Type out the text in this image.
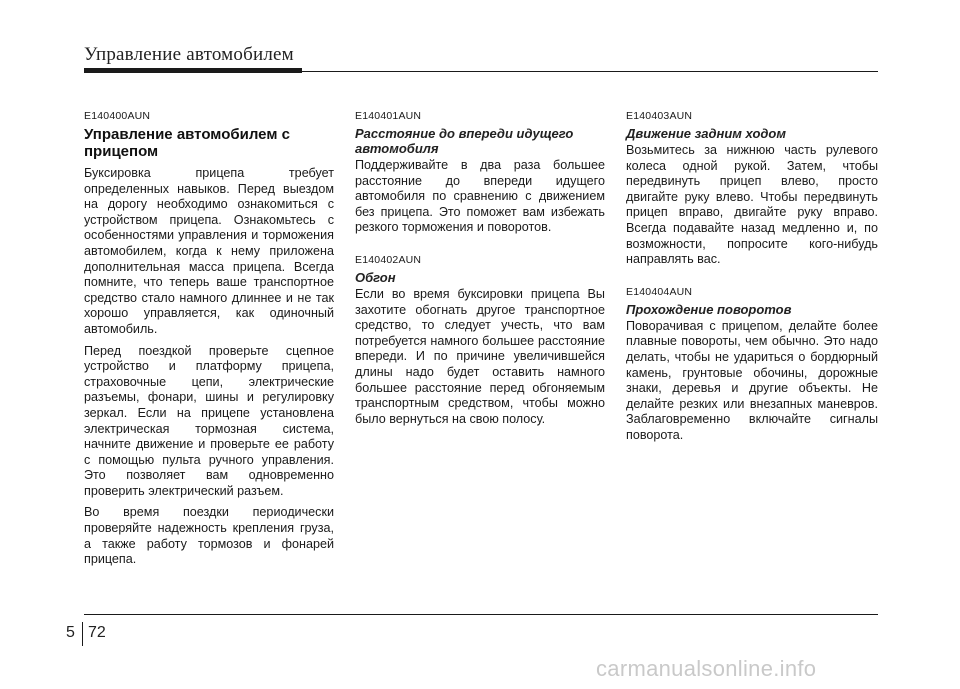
Управление автомобилем
E140400AUN
Управление автомобилем с прицепом

Буксировка прицепа требует определенных навыков. Перед выездом на дорогу необходимо ознакомиться с устройством прицепа. Ознакомьтесь с особенностями управления и торможения автомобилем, когда к нему приложена дополнительная масса прицепа. Всегда помните, что теперь ваше транспортное средство стало намного длиннее и не так хорошо управляется, как одиночный автомобиль.

Перед поездкой проверьте сцепное устройство и платформу прицепа, страховочные цепи, электрические разъемы, фонари, шины и регулировку зеркал. Если на прицепе установлена электрическая тормозная система, начните движение и проверьте ее работу с помощью пульта ручного управления. Это позволяет вам одновременно проверить электрический разъем.

Во время поездки периодически проверяйте надежность крепления груза, а также работу тормозов и фонарей прицепа.

E140401AUN
Расстояние до впереди идущего автомобиля

Поддерживайте в два раза большее расстояние до впереди идущего автомобиля по сравнению с движением без прицепа. Это поможет вам избежать резкого торможения и поворотов.

E140402AUN
Обгон

Если во время буксировки прицепа Вы захотите обогнать другое транспортное средство, то следует учесть, что вам потребуется намного большее расстояние впереди. И по причине увеличившейся длины надо будет оставить намного большее расстояние перед обгоняемым транспортным средством, чтобы можно было вернуться на свою полосу.

E140403AUN
Движение задним ходом

Возьмитесь за нижнюю часть рулевого колеса одной рукой. Затем, чтобы передвинуть прицеп влево, просто двигайте руку влево. Чтобы передвинуть прицеп вправо, двигайте руку вправо. Всегда подавайте назад медленно и, по возможности, попросите кого-нибудь направлять вас.

E140404AUN
Прохождение поворотов

Поворачивая с прицепом, делайте более плавные повороты, чем обычно. Это надо делать, чтобы не удариться о бордюрный камень, грунтовые обочины, дорожные знаки, деревья и другие объекты. Не делайте резких или внезапных маневров. Заблаговременно включайте сигналы поворота.

5 72
carmanualsonline.info
